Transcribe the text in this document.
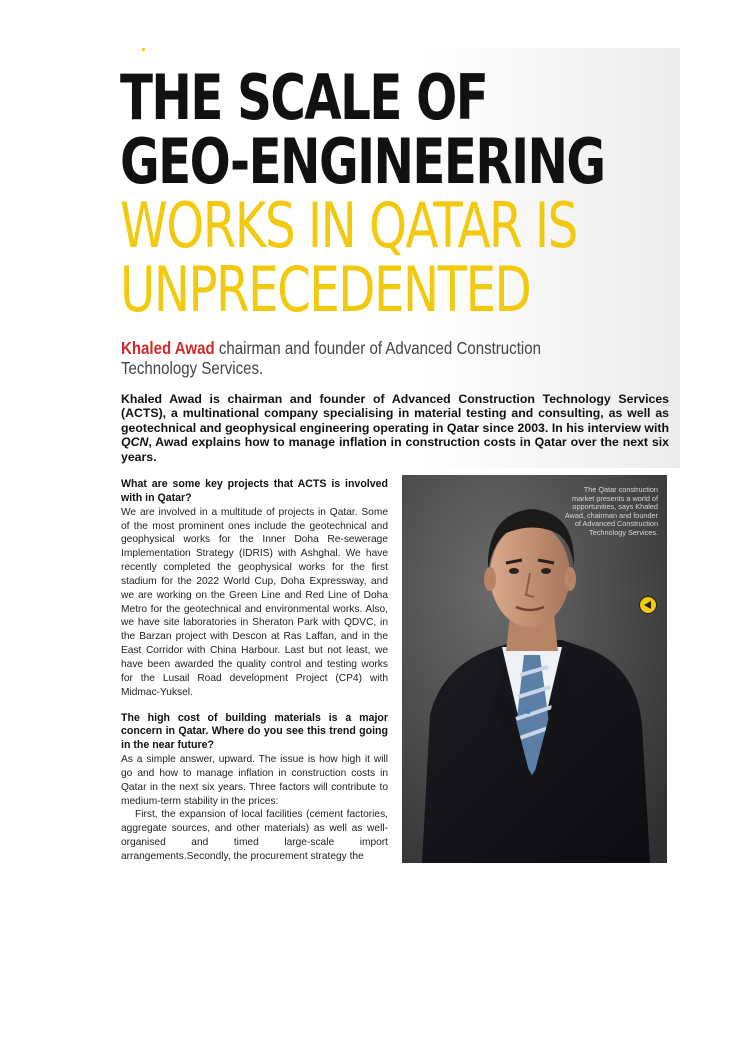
THE SCALE OF
GEO-ENGINEERING
WORKS IN QATAR IS
UNPRECEDENTED
Khaled Awad chairman and founder of Advanced Construction Technology Services.
Khaled Awad is chairman and founder of Advanced Construction Technology Services (ACTS), a multinational company specialising in material testing and consulting, as well as geotechnical and geophysical engineering operating in Qatar since 2003. In his interview with QCN, Awad explains how to manage inflation in construction costs in Qatar over the next six years.

What are some key projects that ACTS is involved with in Qatar?

We are involved in a multitude of projects in Qatar. Some of the most prominent ones include the geotechnical and geophysical works for the Inner Doha Re-sewerage Implementation Strategy (IDRIS) with Ashghal. We have recently completed the geophysical works for the first stadium for the 2022 World Cup, Doha Expressway, and we are working on the Green Line and Red Line of Doha Metro for the geotechnical and environmental works. Also, we have site laboratories in Sheraton Park with QDVC, in the Barzan project with Descon at Ras Laffan, and in the East Corridor with China Harbour. Last but not least, we have been awarded the quality control and testing works for the Lusail Road development Project (CP4) with Midmac-Yuksel.

The high cost of building materials is a major concern in Qatar. Where do you see this trend going in the near future?

As a simple answer, upward. The issue is how high it will go and how to manage inflation in construction costs in Qatar in the next six years. Three factors will contribute to medium-term stability in the prices:

First, the expansion of local facilities (cement factories, aggregate sources, and other materials) as well as well-organised and timed large-scale import arrangements.Secondly, the procurement strategy the

The Qatar construction market presents a world of opportunities, says Khaled Awad, chairman and founder of Advanced Construction Technology Services.
